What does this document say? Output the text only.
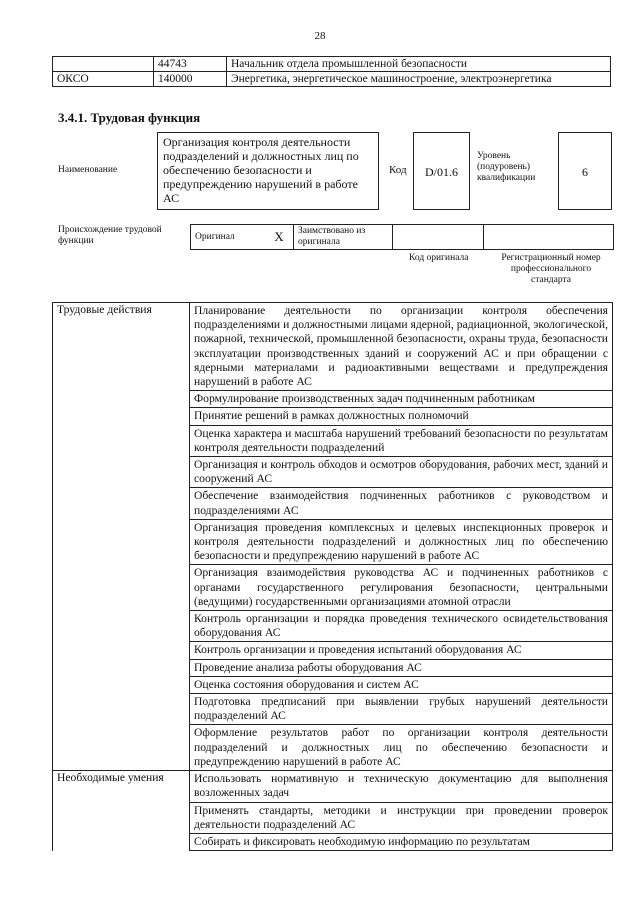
28
	44743	Начальник отдела промышленной безопасности
ОКСО	140000	Энергетика, энергетическое машиностроение, электроэнергетика
3.4.1. Трудовая функция
Наименование
Организация контроля деятельности подразделений и должностных лиц по обеспечению безопасности и предупреждению нарушений в работе АС
Код	D/01.6
Уровень (подуровень) квалификации	6
Происхождение трудовой функции	Оригинал	X	Заимствовано из оригинала		
Код оригинала	Регистрационный номер профессионального стандарта
Трудовые действия	Планирование деятельности по организации контроля обеспечения подразделениями и должностными лицами ядерной, радиационной, экологической, пожарной, технической, промышленной безопасности, охраны труда, безопасности эксплуатации производственных зданий и сооружений АС и при обращении с ядерными материалами и радиоактивными веществами и предупреждения нарушений в работе АС
	Формулирование производственных задач подчиненным работникам
	Принятие решений в рамках должностных полномочий
	Оценка характера и масштаба нарушений требований безопасности по результатам контроля деятельности подразделений
	Организация и контроль обходов и осмотров оборудования, рабочих мест, зданий и сооружений АС
	Обеспечение взаимодействия подчиненных работников с руководством и подразделениями АС
	Организация проведения комплексных и целевых инспекционных проверок и контроля деятельности подразделений и должностных лиц по обеспечению безопасности и предупреждению нарушений в работе АС
	Организация взаимодействия руководства АС и подчиненных работников с органами государственного регулирования безопасности, центральными (ведущими) государственными организациями атомной отрасли
	Контроль организации и порядка проведения технического освидетельствования оборудования АС
	Контроль организации и проведения испытаний оборудования АС
	Проведение анализа работы оборудования АС
	Оценка состояния оборудования и систем АС
	Подготовка предписаний при выявлении грубых нарушений деятельности подразделений АС
	Оформление результатов работ по организации контроля деятельности подразделений и должностных лиц по обеспечению безопасности и предупреждению нарушений в работе АС
Необходимые умения	Использовать нормативную и техническую документацию для выполнения возложенных задач
	Применять стандарты, методики и инструкции при проведении проверок деятельности подразделений АС
	Собирать и фиксировать необходимую информацию по результатам
